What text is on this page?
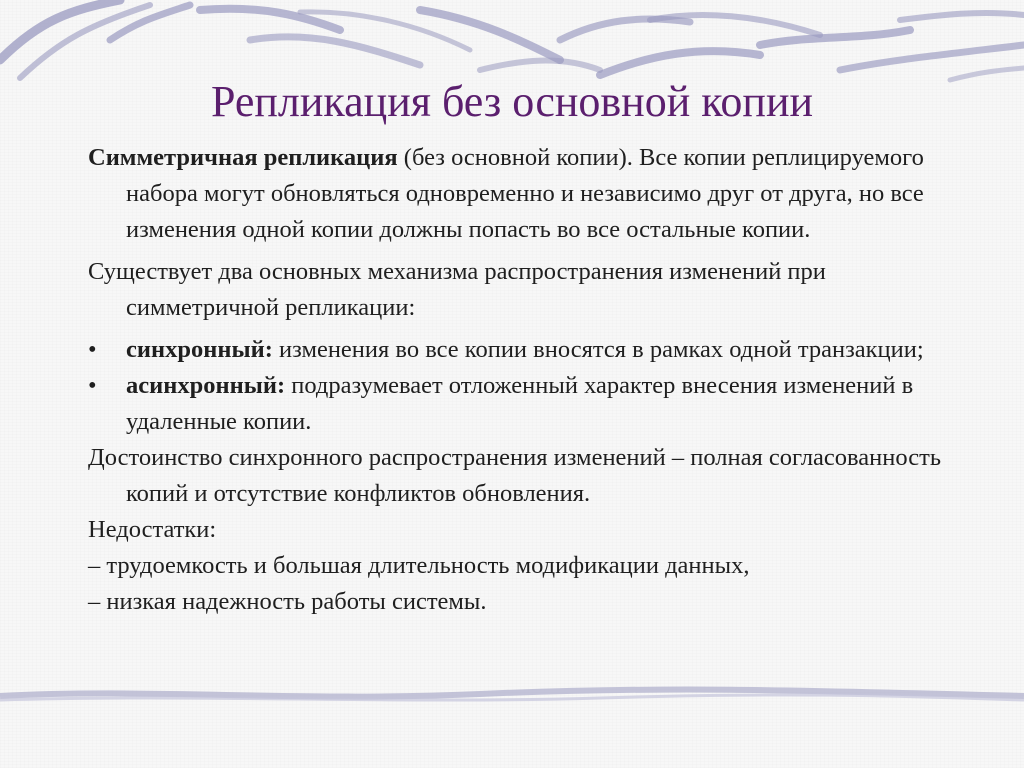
Репликация без основной копии
Симметричная репликация (без основной копии). Все копии реплицируемого набора могут обновляться одновременно и независимо друг от друга, но все изменения одной копии должны попасть во все остальные копии.
Существует два основных механизма распространения изменений при симметричной репликации:
•	синхронный: изменения во все копии вносятся в рамках одной транзакции;
•	асинхронный: подразумевает отложенный характер внесения изменений в удаленные копии.
Достоинство синхронного распространения изменений – полная согласованность копий и отсутствие конфликтов обновления.
Недостатки:
– трудоемкость и большая длительность модификации данных,
– низкая надежность работы системы.
